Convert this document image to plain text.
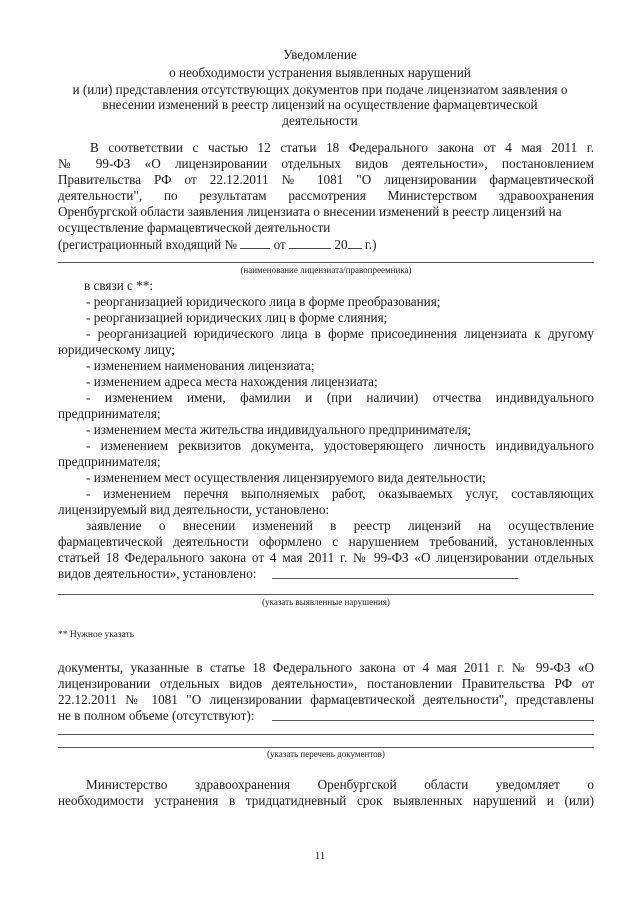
Уведомление
о необходимости устранения выявленных нарушений
и (или) представления отсутствующих документов при подаче лицензиатом заявления о
внесении изменений в реестр лицензий на осуществление фармацевтической
деятельности
В соответствии с частью 12 статьи 18 Федерального закона от 4 мая 2011 г.
№ 99-ФЗ «О лицензировании отдельных видов деятельности», постановлением
Правительства РФ от 22.12.2011 № 1081 "О лицензировании фармацевтической
деятельности", по результатам рассмотрения Министерством здравоохранения
Оренбургской области заявления лицензиата о внесении изменений в реестр лицензий на
осуществление фармацевтической деятельности
(регистрационный входящий №	от	20 г.)
(наименование лицензиата/правопреемника)
в связи с **:
- реорганизацией юридического лица в форме преобразования;
- реорганизацией юридических лиц в форме слияния;
- реорганизацией юридического лица в форме присоединения лицензиата к другому
юридическому лицу;
- изменением наименования лицензиата;
- изменением адреса места нахождения лицензиата;
- изменением имени, фамилии и (при наличии) отчества индивидуального
предпринимателя;
- изменением места жительства индивидуального предпринимателя;
- изменением реквизитов документа, удостоверяющего личность индивидуального
предпринимателя;
- изменением мест осуществления лицензируемого вида деятельности;
- изменением перечня выполняемых работ, оказываемых услуг, составляющих
лицензируемый вид деятельности, установлено:
заявление о внесении изменений в реестр лицензий на осуществление
фармацевтической деятельности оформлено с нарушением требований, установленных
статьей 18 Федерального закона от 4 мая 2011 г. № 99-ФЗ «О лицензировании отдельных
видов деятельности», установлено:
(указать выявленные нарушения)
** Нужное указать
документы, указанные в статье 18 Федерального закона от 4 мая 2011 г. № 99-ФЗ «О
лицензировании отдельных видов деятельности», постановлении Правительства РФ от
22.12.2011 № 1081 "О лицензировании фармацевтической деятельности", представлены
не в полном объеме (отсутствуют):
(указать перечень документов)
Министерство здравоохранения Оренбургской области уведомляет о
необходимости устранения в тридцатидневный срок выявленных нарушений и (или)
11
